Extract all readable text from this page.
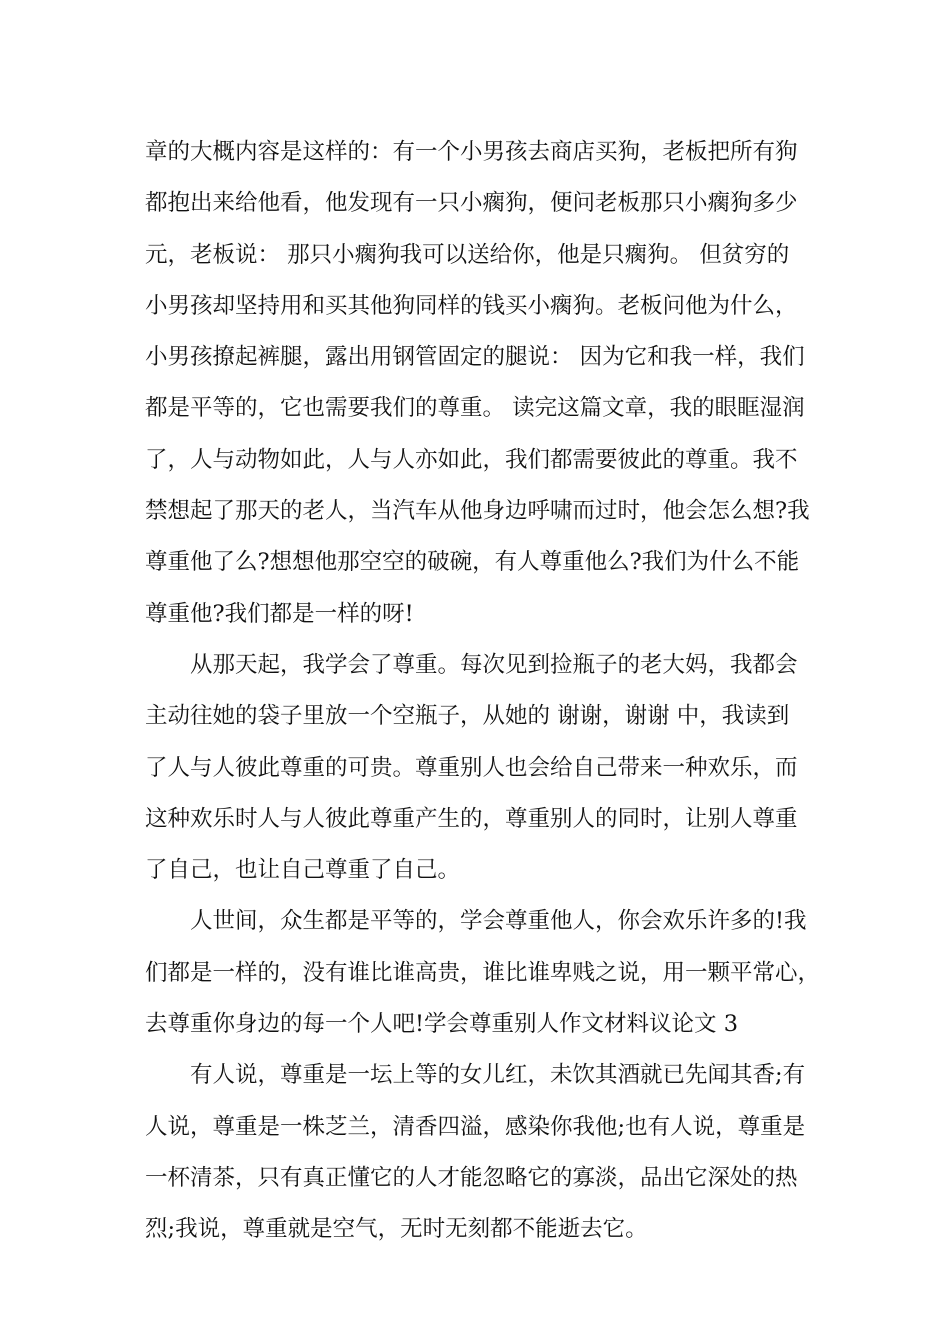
章的大概内容是这样的：有一个小男孩去商店买狗，老板把所有狗
都抱出来给他看，他发现有一只小瘸狗，便问老板那只小瘸狗多少
元，老板说： 那只小瘸狗我可以送给你，他是只瘸狗。 但贫穷的
小男孩却坚持用和买其他狗同样的钱买小瘸狗。老板问他为什么，
小男孩撩起裤腿，露出用钢管固定的腿说： 因为它和我一样，我们
都是平等的，它也需要我们的尊重。 读完这篇文章，我的眼眶湿润
了，人与动物如此，人与人亦如此，我们都需要彼此的尊重。我不
禁想起了那天的老人，当汽车从他身边呼啸而过时，他会怎么想?我
尊重他了么?想想他那空空的破碗，有人尊重他么?我们为什么不能
尊重他?我们都是一样的呀!
从那天起，我学会了尊重。每次见到捡瓶子的老大妈，我都会
主动往她的袋子里放一个空瓶子，从她的 谢谢，谢谢 中，我读到
了人与人彼此尊重的可贵。尊重别人也会给自己带来一种欢乐，而
这种欢乐时人与人彼此尊重产生的，尊重别人的同时，让别人尊重
了自己，也让自己尊重了自己。
人世间，众生都是平等的，学会尊重他人，你会欢乐许多的!我
们都是一样的，没有谁比谁高贵，谁比谁卑贱之说，用一颗平常心，
去尊重你身边的每一个人吧!学会尊重别人作文材料议论文 3
有人说，尊重是一坛上等的女儿红，未饮其酒就已先闻其香;有
人说，尊重是一株芝兰，清香四溢，感染你我他;也有人说，尊重是
一杯清茶，只有真正懂它的人才能忽略它的寡淡，品出它深处的热
烈;我说，尊重就是空气，无时无刻都不能逝去它。
